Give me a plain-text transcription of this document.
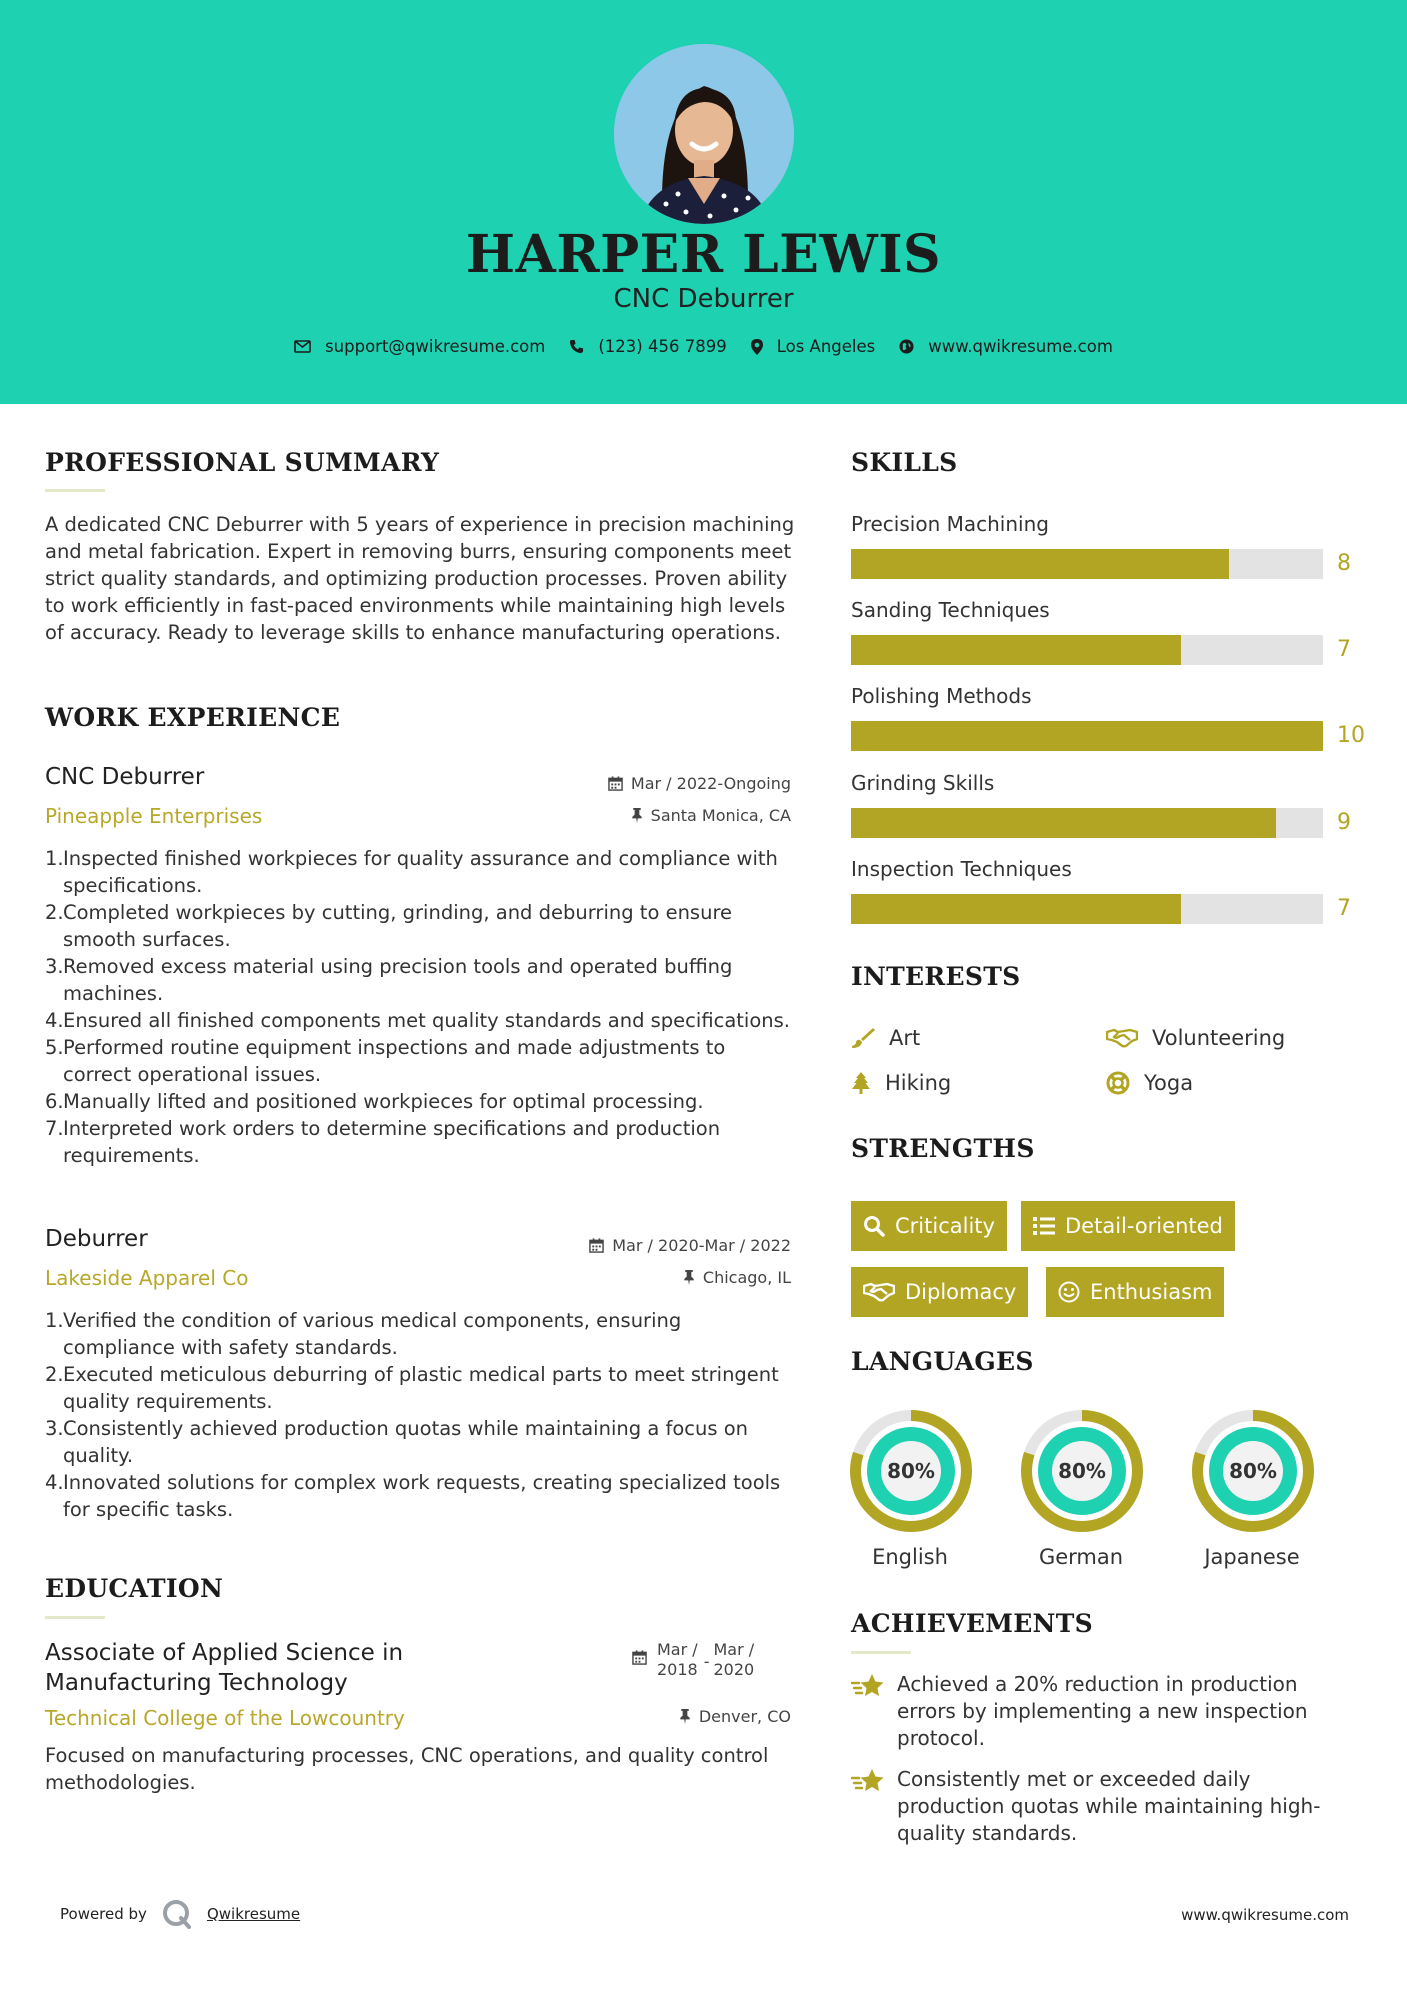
HARPER LEWIS
CNC Deburrer
support@qwikresume.com	(123) 456 7899	Los Angeles	www.qwikresume.com
PROFESSIONAL SUMMARY
A dedicated CNC Deburrer with 5 years of experience in precision machining and metal fabrication. Expert in removing burrs, ensuring components meet strict quality standards, and optimizing production processes. Proven ability to work efficiently in fast-paced environments while maintaining high levels of accuracy. Ready to leverage skills to enhance manufacturing operations.
WORK EXPERIENCE
CNC Deburrer	Mar / 2022-Ongoing
Pineapple Enterprises	Santa Monica, CA
1. Inspected finished workpieces for quality assurance and compliance with specifications.
2. Completed workpieces by cutting, grinding, and deburring to ensure smooth surfaces.
3. Removed excess material using precision tools and operated buffing machines.
4. Ensured all finished components met quality standards and specifications.
5. Performed routine equipment inspections and made adjustments to correct operational issues.
6. Manually lifted and positioned workpieces for optimal processing.
7. Interpreted work orders to determine specifications and production requirements.
Deburrer	Mar / 2020-Mar / 2022
Lakeside Apparel Co	Chicago, IL
1. Verified the condition of various medical components, ensuring compliance with safety standards.
2. Executed meticulous deburring of plastic medical parts to meet stringent quality requirements.
3. Consistently achieved production quotas while maintaining a focus on quality.
4. Innovated solutions for complex work requests, creating specialized tools for specific tasks.
EDUCATION
Associate of Applied Science in
Manufacturing Technology
Mar /
2018 -
Mar /
2020
Technical College of the Lowcountry	Denver, CO
Focused on manufacturing processes, CNC operations, and quality control methodologies.
SKILLS
Precision Machining
8
Sanding Techniques
7
Polishing Methods
10
Grinding Skills
9
Inspection Techniques
7
INTERESTS
Art	Volunteering
Hiking	Yoga
STRENGTHS
Criticality	Detail-oriented
Diplomacy	Enthusiasm
LANGUAGES
80%
English
80%
German
80%
Japanese
ACHIEVEMENTS
Achieved a 20% reduction in production errors by implementing a new inspection protocol.
Consistently met or exceeded daily production quotas while maintaining high-quality standards.
Powered by	Qwikresume	www.qwikresume.com
